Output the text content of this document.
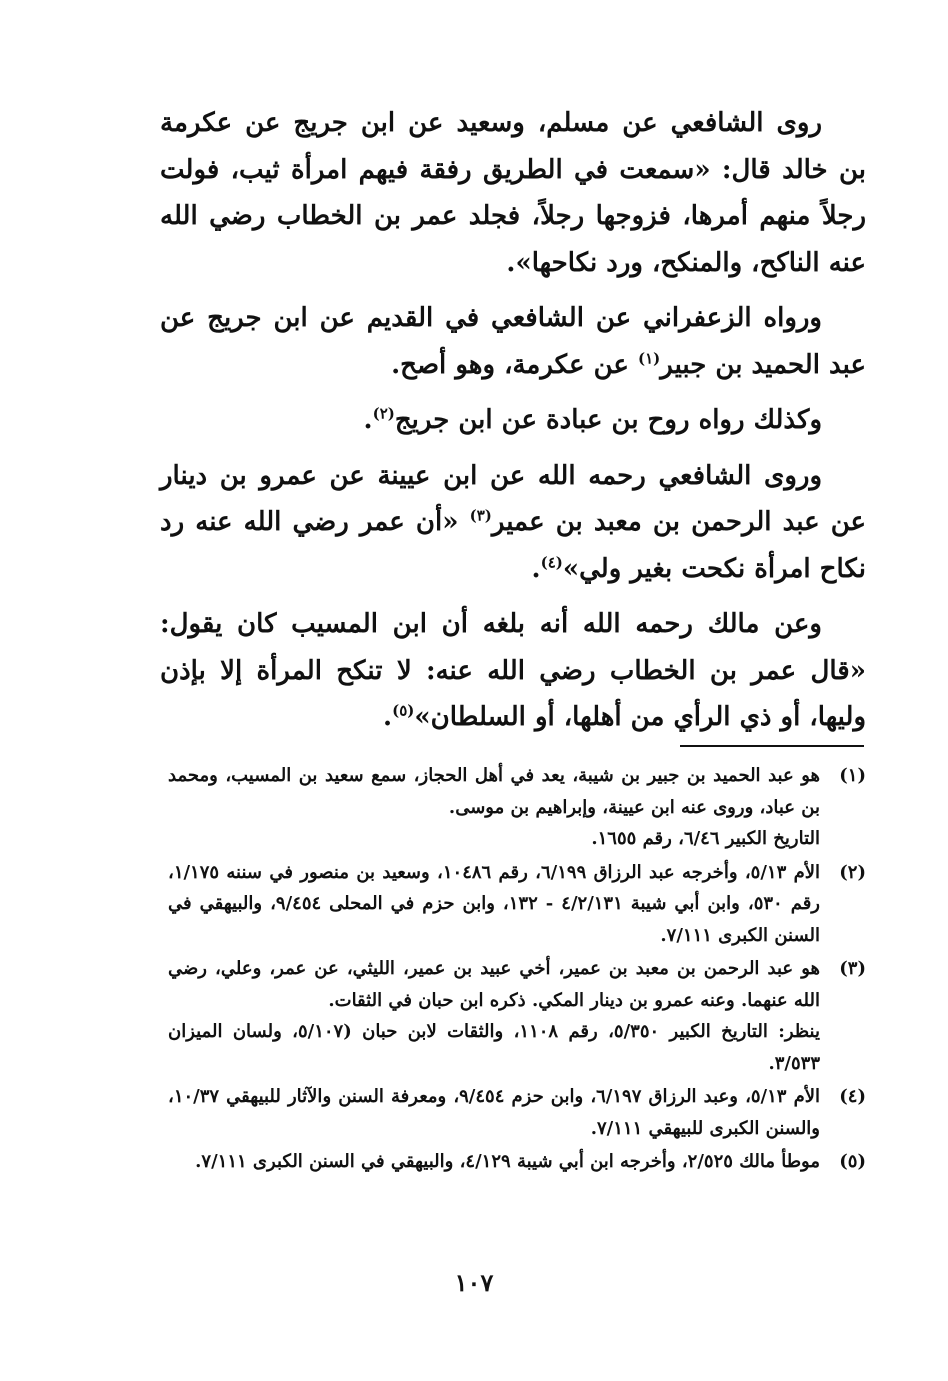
روى الشافعي عن مسلم، وسعيد عن ابن جريج عن عكرمة بن خالد قال: «سمعت في الطريق رفقة فيهم امرأة ثيب، فولت رجلاً منهم أمرها، فزوجها رجلاً، فجلد عمر بن الخطاب رضي الله عنه الناكح، والمنكح، ورد نكاحها».

ورواه الزعفراني عن الشافعي في القديم عن ابن جريج عن عبد الحميد بن جبير$^{(١)}$ عن عكرمة، وهو أصح.

وكذلك رواه روح بن عبادة عن ابن جريج$^{(٢)}$.

وروى الشافعي رحمه الله عن ابن عيينة عن عمرو بن دينار عن عبد الرحمن بن معبد بن عمير$^{(٣)}$ «أن عمر رضي الله عنه رد نكاح امرأة نكحت بغير ولي»$^{(٤)}$.

وعن مالك رحمه الله أنه بلغه أن ابن المسيب كان يقول: «قال عمر بن الخطاب رضي الله عنه: لا تنكح المرأة إلا بإذن وليها، أو ذي الرأي من أهلها، أو السلطان»$^{(٥)}$.

(١)

هو عبد الحميد بن جبير بن شيبة، يعد في أهل الحجاز، سمع سعيد بن المسيب، ومحمد بن عباد، وروى عنه ابن عيينة، وإبراهيم بن موسى.

التاريخ الكبير ٦/٤٦، رقم ١٦٥٥.

(٢)

الأم ٥/١٣، وأخرجه عبد الرزاق ٦/١٩٩، رقم ١٠٤٨٦، وسعيد بن منصور في سننه ١/١٧٥، رقم ٥٣٠، وابن أبي شيبة ٤/٢/١٣١ - ١٣٢، وابن حزم في المحلى ٩/٤٥٤، والبيهقي في السنن الكبرى ٧/١١١.

(٣)

هو عبد الرحمن بن معبد بن عمير، أخي عبيد بن عمير، الليثي، عن عمر، وعلي، رضي الله عنهما. وعنه عمرو بن دينار المكي. ذكره ابن حبان في الثقات.

ينظر: التاريخ الكبير ٥/٣٥٠، رقم ١١٠٨، والثقات لابن حبان (٥/١٠٧، ولسان الميزان ٣/٥٣٣.

(٤)

الأم ٥/١٣، وعبد الرزاق ٦/١٩٧، وابن حزم ٩/٤٥٤، ومعرفة السنن والآثار للبيهقي ١٠/٣٧، والسنن الكبرى للبيهقي ٧/١١١.

(٥)

موطأ مالك ٢/٥٢٥، وأخرجه ابن أبي شيبة ٤/١٢٩، والبيهقي في السنن الكبرى ٧/١١١.

١٠٧
